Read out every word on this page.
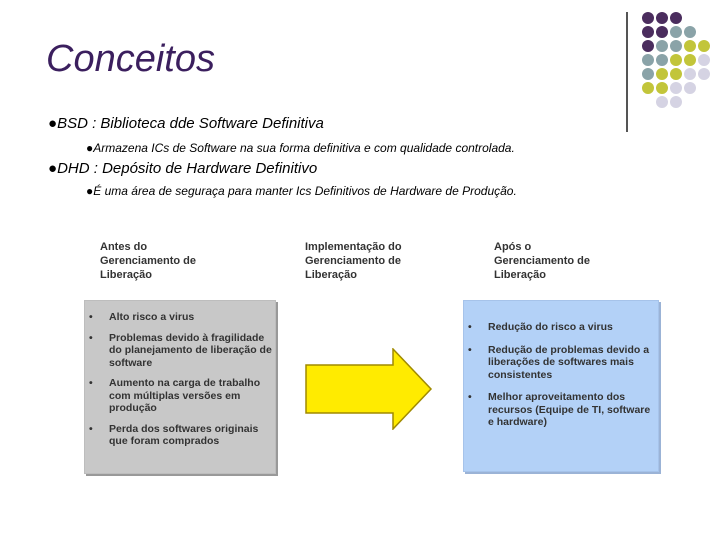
Conceitos
●BSD : Biblioteca dde Software Definitiva
●Armazena ICs de Software na sua forma definitiva e com qualidade controlada.
●DHD : Depósito de Hardware Definitivo
●É uma área de seguraça para manter Ics Definitivos de Hardware de Produção.
Antes do
Gerenciamento de
Liberação
Implementação do
Gerenciamento de
Liberação
Após o
Gerenciamento de
Liberação
• Alto risco a virus
• Problemas devido à fragilidade do planejamento de liberação de software
• Aumento na carga de trabalho com múltiplas versões em produção
• Perda dos softwares originais que foram comprados
• Redução do risco a virus
• Redução de problemas devido a liberações de softwares mais consistentes
• Melhor aproveitamento dos recursos (Equipe de TI, software e hardware)
